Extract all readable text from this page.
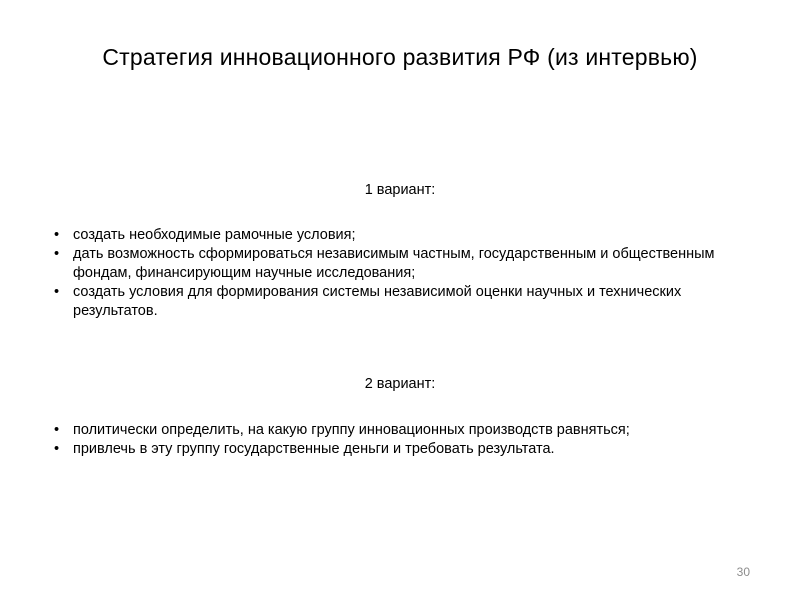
Стратегия инновационного развития РФ (из интервью)
1 вариант:
• создать необходимые рамочные условия;
• дать возможность сформироваться независимым частным, государственным и общественным фондам, финансирующим научные исследования;
• создать условия для формирования системы независимой оценки научных и технических результатов.
2 вариант:
• политически определить, на какую группу инновационных производств равняться;
• привлечь в эту группу государственные деньги и требовать результата.
30
